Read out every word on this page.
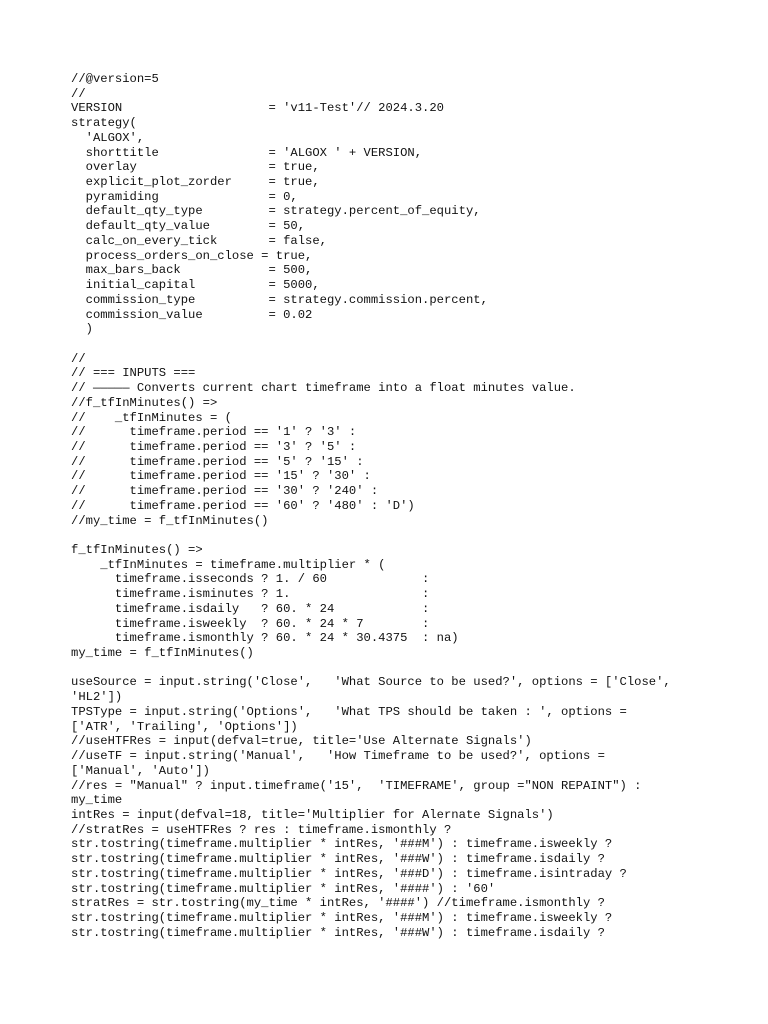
//@version=5
//
VERSION                    = 'v11-Test'// 2024.3.20
strategy(
'ALGOX',
shorttitle               = 'ALGOX ' + VERSION,
overlay                  = true,
explicit_plot_zorder     = true,
pyramiding               = 0,
default_qty_type         = strategy.percent_of_equity,
default_qty_value        = 50,
calc_on_every_tick       = false,
process_orders_on_close = true,
max_bars_back            = 500,
initial_capital          = 5000,
commission_type          = strategy.commission.percent,
commission_value         = 0.02
)
//
// === INPUTS ===
// ————— Converts current chart timeframe into a float minutes value.
//f_tfInMinutes() =>
//    _tfInMinutes = (
//      timeframe.period == '1' ? '3' :
//      timeframe.period == '3' ? '5' :
//      timeframe.period == '5' ? '15' :
//      timeframe.period == '15' ? '30' :
//      timeframe.period == '30' ? '240' :
//      timeframe.period == '60' ? '480' : 'D')
//my_time = f_tfInMinutes()
f_tfInMinutes() =>
_tfInMinutes = timeframe.multiplier * (
timeframe.isseconds ? 1. / 60             :
timeframe.isminutes ? 1.                  :
timeframe.isdaily   ? 60. * 24            :
timeframe.isweekly  ? 60. * 24 * 7        :
timeframe.ismonthly ? 60. * 24 * 30.4375  : na)
my_time = f_tfInMinutes()
useSource = input.string('Close',   'What Source to be used?', options = ['Close',
'HL2'])
TPSType = input.string('Options',   'What TPS should be taken : ', options =
['ATR', 'Trailing', 'Options'])
//useHTFRes = input(defval=true, title='Use Alternate Signals')
//useTF = input.string('Manual',   'How Timeframe to be used?', options =
['Manual', 'Auto'])
//res = "Manual" ? input.timeframe('15',  'TIMEFRAME', group ="NON REPAINT") :
my_time
intRes = input(defval=18, title='Multiplier for Alernate Signals')
//stratRes = useHTFRes ? res : timeframe.ismonthly ?
str.tostring(timeframe.multiplier * intRes, '###M') : timeframe.isweekly ?
str.tostring(timeframe.multiplier * intRes, '###W') : timeframe.isdaily ?
str.tostring(timeframe.multiplier * intRes, '###D') : timeframe.isintraday ?
str.tostring(timeframe.multiplier * intRes, '####') : '60'
stratRes = str.tostring(my_time * intRes, '####') //timeframe.ismonthly ?
str.tostring(timeframe.multiplier * intRes, '###M') : timeframe.isweekly ?
str.tostring(timeframe.multiplier * intRes, '###W') : timeframe.isdaily ?
